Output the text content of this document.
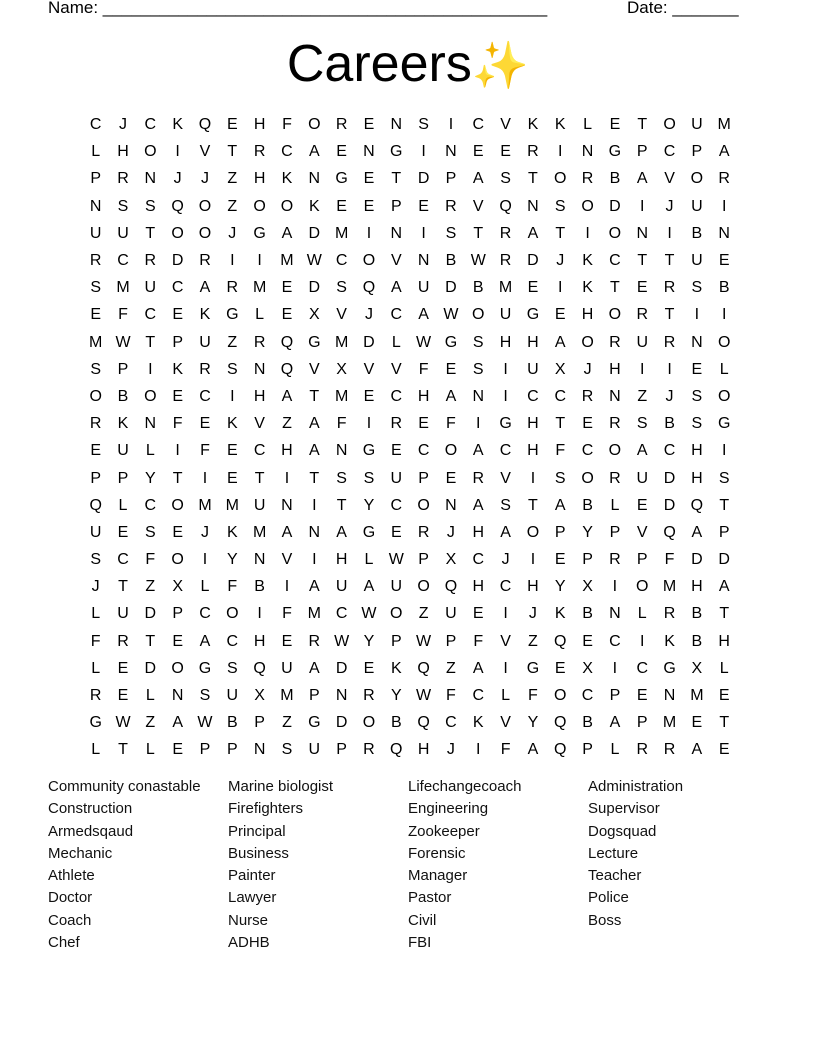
Name: _______________________________________________	Date: _______
Careers✨
C	J	C	K Q E	H	F	O R	E	N	S	I	C	V	K	K	L	E	T	O U M
L	H O	I	V	T	R C	A	E	N G	I	N	E	E	R	I	N G P	C	P	A
P	R N	J	J	Z	H	K	N G E	T	D	P	A	S	T	O R	B	A	V O R
N	S	S Q O	Z	O O K	E	E	P	E	R	V Q N	S O D	I	J	U	I
U U	T	O O	J	G A	D M	I	N	I	S	T	R	A	T	I	O N	I	B	N
R C R D R	I	I	M W C O V	N	B W R D	J	K	C	T	T	U	E
S M U C	A	R M E	D	S Q A	U D	B M E	I	K	T	E	R	S	B
E	F	C	E	K G	L	E	X	V	J	C	A W O U G E	H O R	T	I	I
M W T	P	U	Z	R Q G M D	L W G S	H H	A O R U R N O
S	P	I	K	R	S	N Q V	X	V	V	F	E	S	I	U	X	J	H	I	I	E	L
O B O E	C	I	H	A	T M E	C H	A	N	I	C C R N	Z	J	S O
R	K	N	F	E	K	V	Z	A	F	I	R	E	F	I	G H	T	E	R	S	B	S G
E	U	L	I	F	E	C H	A	N G E	C O A	C H	F	C O A	C H	I
P	P	Y	T	I	E	T	I	T	S	S	U	P	E	R	V	I	S O R U D H	S
Q	L	C O M M U N	I	T	Y	C O N	A	S	T	A	B	L	E	D Q	T
U	E	S	E	J	K M A	N	A G E	R	J	H	A O P	Y	P	V Q A	P
S	C	F	O	I	Y	N	V	I	H	L W P	X	C	J	I	E	P	R	P	F	D D
J	T	Z	X	L	F	B	I	A	U	A	U O Q H C H	Y	X	I	O M H	A
L	U D	P	C O	I	F M C W O	Z	U	E	I	J	K	B	N	L	R	B	T
F	R	T	E	A	C H	E	R W Y	P W P	F	V	Z	Q E	C	I	K	B	H
L	E	D O G S Q U	A	D	E	K Q	Z	A	I	G E	X	I	C G X	L
R	E	L	N	S	U	X M P	N R	Y W F	C	L	F	O C	P	E	N M E
G W Z	A W B	P	Z	G D O B Q C	K	V	Y Q B	A	P M E	T
L	T	L	E	P	P	N	S	U	P	R Q H	J	I	F	A Q P	L	R R	A	E
Community conastable
Construction
Armedsqaud
Mechanic
Athlete
Doctor
Coach
Chef
Marine biologist
Firefighters
Principal
Business
Painter
Lawyer
Nurse
ADHB
Lifechangecoach
Engineering
Zookeeper
Forensic
Manager
Pastor
Civil
FBI
Administration
Supervisor
Dogsquad
Lecture
Teacher
Police
Boss
